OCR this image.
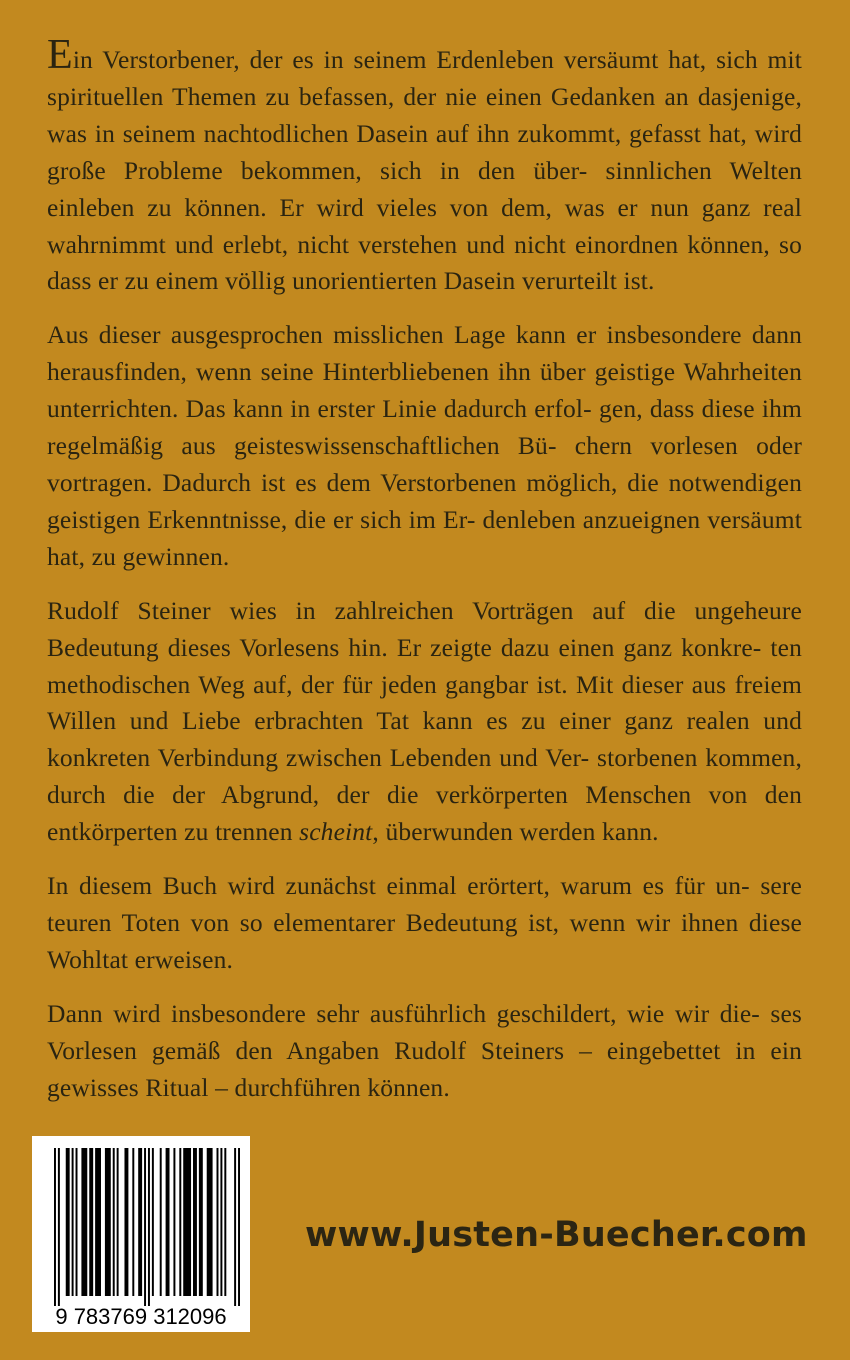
Ein Verstorbener, der es in seinem Erdenleben versäumt hat, sich mit spirituellen Themen zu befassen, der nie einen Gedanken an dasjenige, was in seinem nachtodlichen Dasein auf ihn zukommt, gefasst hat, wird große Probleme bekommen, sich in den über- sinnlichen Welten einleben zu können. Er wird vieles von dem, was er nun ganz real wahrnimmt und erlebt, nicht verstehen und nicht einordnen können, so dass er zu einem völlig unorientierten Dasein verurteilt ist.

Aus dieser ausgesprochen misslichen Lage kann er insbesondere dann herausfinden, wenn seine Hinterbliebenen ihn über geistige Wahrheiten unterrichten. Das kann in erster Linie dadurch erfol- gen, dass diese ihm regelmäßig aus geisteswissenschaftlichen Bü- chern vorlesen oder vortragen. Dadurch ist es dem Verstorbenen möglich, die notwendigen geistigen Erkenntnisse, die er sich im Er- denleben anzueignen versäumt hat, zu gewinnen.

Rudolf Steiner wies in zahlreichen Vorträgen auf die ungeheure Bedeutung dieses Vorlesens hin. Er zeigte dazu einen ganz konkre- ten methodischen Weg auf, der für jeden gangbar ist. Mit dieser aus freiem Willen und Liebe erbrachten Tat kann es zu einer ganz realen und konkreten Verbindung zwischen Lebenden und Ver- storbenen kommen, durch die der Abgrund, der die verkörperten Menschen von den entkörperten zu trennen scheint, überwunden werden kann.

In diesem Buch wird zunächst einmal erörtert, warum es für un- sere teuren Toten von so elementarer Bedeutung ist, wenn wir ihnen diese Wohltat erweisen.

Dann wird insbesondere sehr ausführlich geschildert, wie wir die- ses Vorlesen gemäß den Angaben Rudolf Steiners – eingebettet in ein gewisses Ritual – durchführen können.

9 783769 312096
www.Justen-Buecher.com
